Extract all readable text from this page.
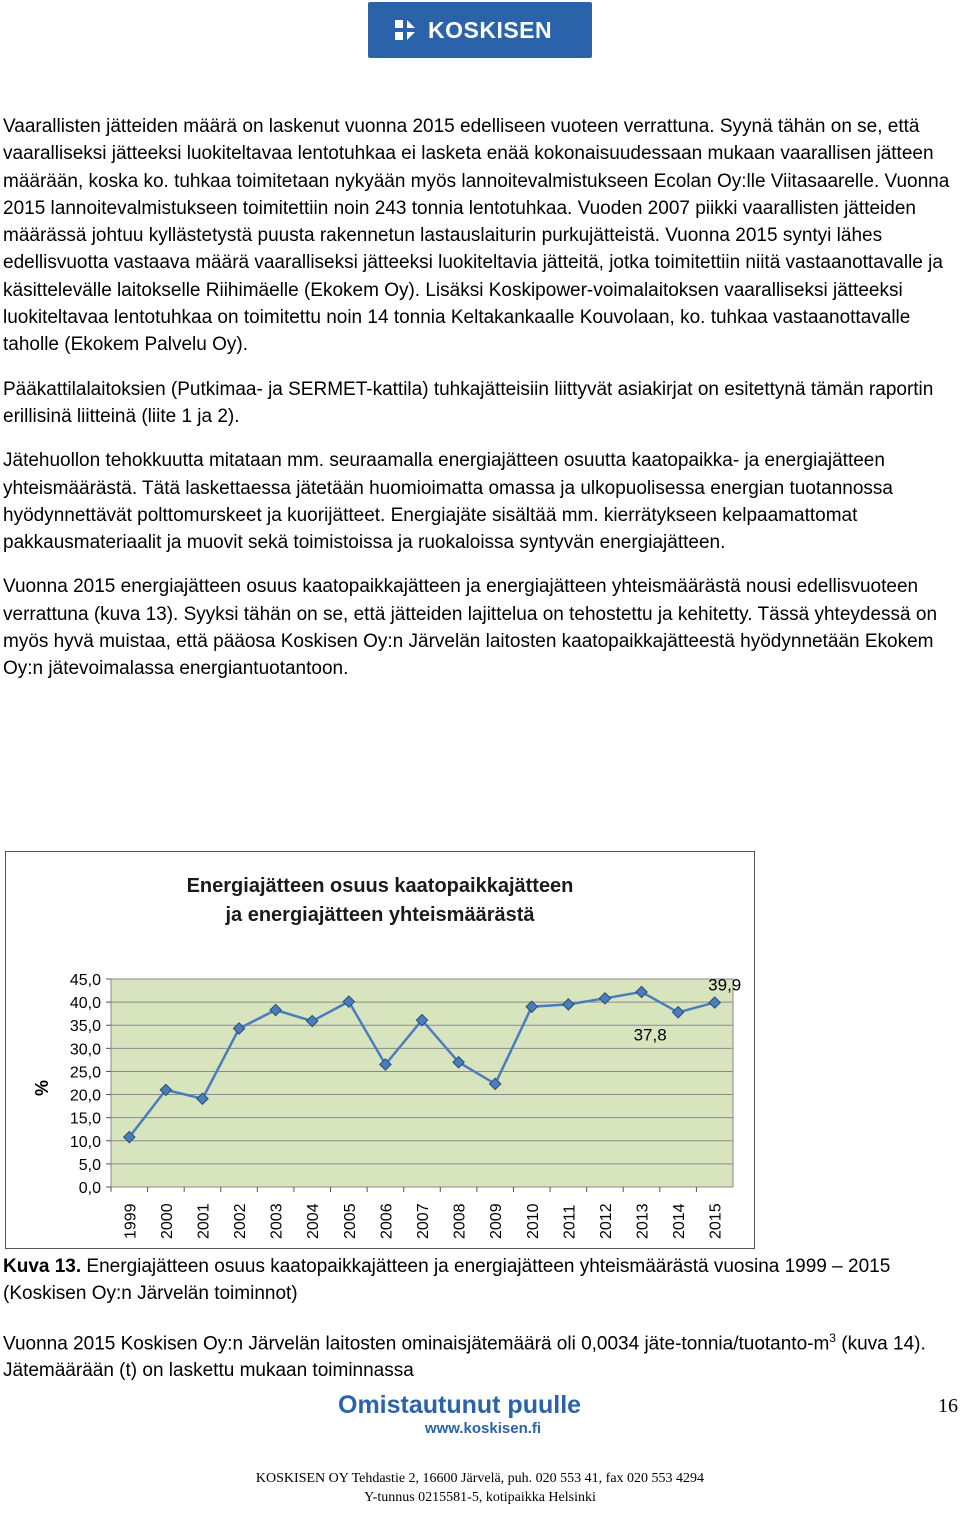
KOSKISEN

Vaarallisten jätteiden määrä on laskenut vuonna 2015 edelliseen vuoteen verrattuna. Syynä tähän on se, että vaaralliseksi jätteeksi luokiteltavaa lentotuhkaa ei lasketa enää kokonaisuudessaan mukaan vaarallisen jätteen määrään, koska ko. tuhkaa toimitetaan nykyään myös lannoitevalmistukseen Ecolan Oy:lle Viitasaarelle. Vuonna 2015 lannoitevalmistukseen toimitettiin noin 243 tonnia lentotuhkaa. Vuoden 2007 piikki vaarallisten jätteiden määrässä johtuu kyllästetystä puusta rakennetun lastauslaiturin purkujätteistä. Vuonna 2015 syntyi lähes edellisvuotta vastaava määrä vaaralliseksi jätteeksi luokiteltavia jätteitä, jotka toimitettiin niitä vastaanottavalle ja käsittelevälle laitokselle Riihimäelle (Ekokem Oy). Lisäksi Koskipower-voimalaitoksen vaaralliseksi jätteeksi luokiteltavaa lentotuhkaa on toimitettu noin 14 tonnia Keltakankaalle Kouvolaan, ko. tuhkaa vastaanottavalle taholle (Ekokem Palvelu Oy).

Pääkattilalaitoksien (Putkimaa- ja SERMET-kattila) tuhkajätteisiin liittyvät asiakirjat on esitettynä tämän raportin erillisinä liitteinä (liite 1 ja 2).

Jätehuollon tehokkuutta mitataan mm. seuraamalla energiajätteen osuutta kaatopaikka- ja energiajätteen yhteismäärästä. Tätä laskettaessa jätetään huomioimatta omassa ja ulkopuolisessa energian tuotannossa hyödynnettävät polttomurskeet ja kuorijätteet. Energiajäte sisältää mm. kierrätykseen kelpaamattomat pakkausmateriaalit ja muovit sekä toimistoissa ja ruokaloissa syntyvän energiajätteen.

Vuonna 2015 energiajätteen osuus kaatopaikkajätteen ja energiajätteen yhteismäärästä nousi edellisvuoteen verrattuna (kuva 13). Syyksi tähän on se, että jätteiden lajittelua on tehostettu ja kehitetty. Tässä yhteydessä on myös hyvä muistaa, että pääosa Koskisen Oy:n Järvelän laitosten kaatopaikkajätteestä hyödynnetään Ekokem Oy:n jätevoimalassa energiantuotantoon.

Energiajätteen osuus kaatopaikkajätteen
ja energiajätteen yhteismäärästä
%
0,0
5,0
10,0
15,0
20,0
25,0
30,0
35,0
40,0
45,0
1999 2000 2001 2002 2003 2004 2005 2006 2007 2008 2009 2010 2011 2012 2013 2014 2015
37,8
39,9

Kuva 13. Energiajätteen osuus kaatopaikkajätteen ja energiajätteen yhteismäärästä vuosina 1999 – 2015 (Koskisen Oy:n Järvelän toiminnot)

Vuonna 2015 Koskisen Oy:n Järvelän laitosten ominaisjätemäärä oli 0,0034 jäte-$tonnia/tuotanto-m^3$ (kuva 14). Jätemäärään (t) on laskettu mukaan toiminnassa

Omistautunut puulle
www.koskisen.fi
16
KOSKISEN OY Tehdastie 2, 16600 Järvelä, puh. 020 553 41, fax 020 553 4294
Y-tunnus 0215581-5, kotipaikka Helsinki
